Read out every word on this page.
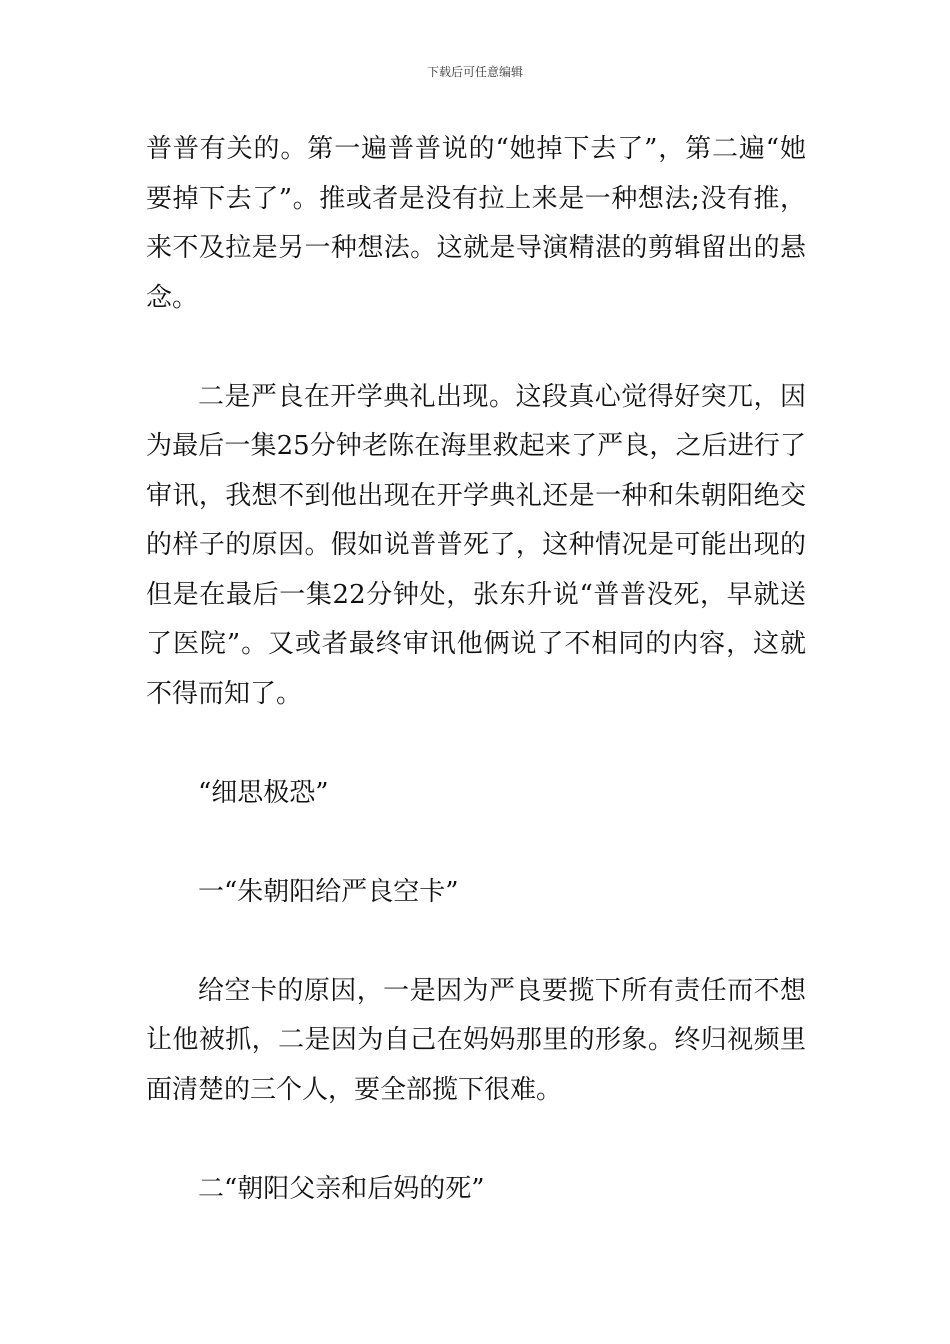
下载后可任意编辑

普普有关的。第一遍普普说的“她掉下去了”，第二遍“她要掉下去了”。推或者是没有拉上来是一种想法;没有推，来不及拉是另一种想法。这就是导演精湛的剪辑留出的悬念。

二是严良在开学典礼出现。这段真心觉得好突兀，因为最后一集25分钟老陈在海里救起来了严良，之后进行了审讯，我想不到他出现在开学典礼还是一种和朱朝阳绝交的样子的原因。假如说普普死了，这种情况是可能出现的但是在最后一集22分钟处，张东升说“普普没死，早就送了医院”。又或者最终审讯他俩说了不相同的内容，这就不得而知了。

“细思极恐”

一“朱朝阳给严良空卡”

给空卡的原因，一是因为严良要揽下所有责任而不想让他被抓，二是因为自己在妈妈那里的形象。终归视频里面清楚的三个人，要全部揽下很难。

二“朝阳父亲和后妈的死”
